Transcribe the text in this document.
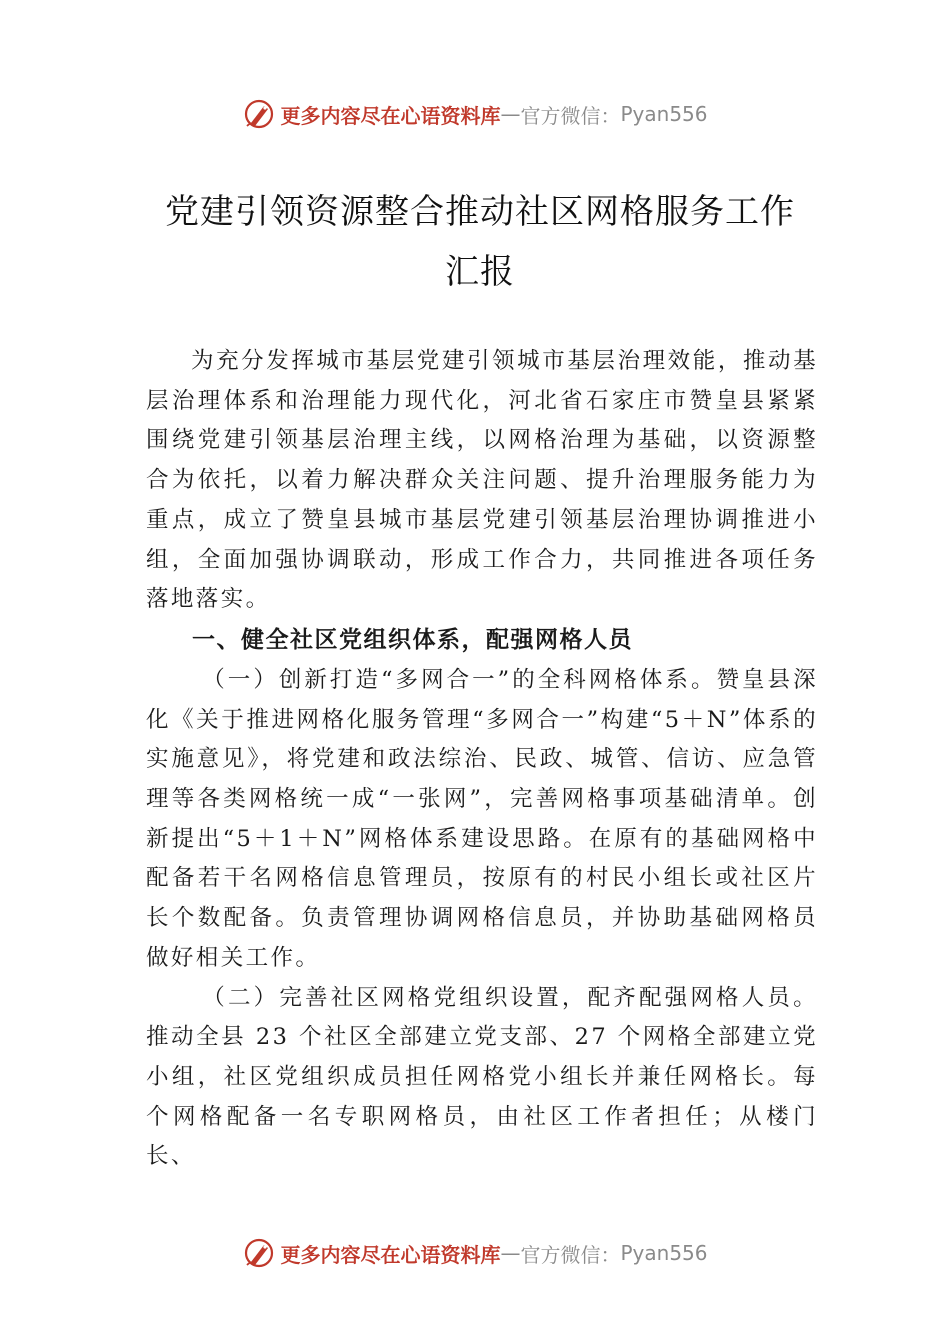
更多内容尽在心语资料库 — 官方微信： Pyan556
党建引领资源整合推动社区网格服务工作
汇报

为充分发挥城市基层党建引领城市基层治理效能，推动基层治理体系和治理能力现代化，河北省石家庄市赞皇县紧紧围绕党建引领基层治理主线，以网格治理为基础，以资源整合为依托，以着力解决群众关注问题、提升治理服务能力为重点，成立了赞皇县城市基层党建引领基层治理协调推进小组，全面加强协调联动，形成工作合力，共同推进各项任务落地落实。

一、健全社区党组织体系，配强网格人员

（一）创新打造“多网合一”的全科网格体系。赞皇县深化《关于推进网格化服务管理“多网合一”构建“5＋N”体系的实施意见》，将党建和政法综治、民政、城管、信访、应急管理等各类网格统一成“一张网”，完善网格事项基础清单。创新提出“5＋1＋N”网格体系建设思路。在原有的基础网格中配备若干名网格信息管理员，按原有的村民小组长或社区片长个数配备。负责管理协调网格信息员，并协助基础网格员做好相关工作。

（二）完善社区网格党组织设置，配齐配强网格人员。推动全县 23 个社区全部建立党支部、27 个网格全部建立党小组，社区党组织成员担任网格党小组长并兼任网格长。每个网格配备一名专职网格员，由社区工作者担任；从楼门长、

更多内容尽在心语资料库 — 官方微信： Pyan556
